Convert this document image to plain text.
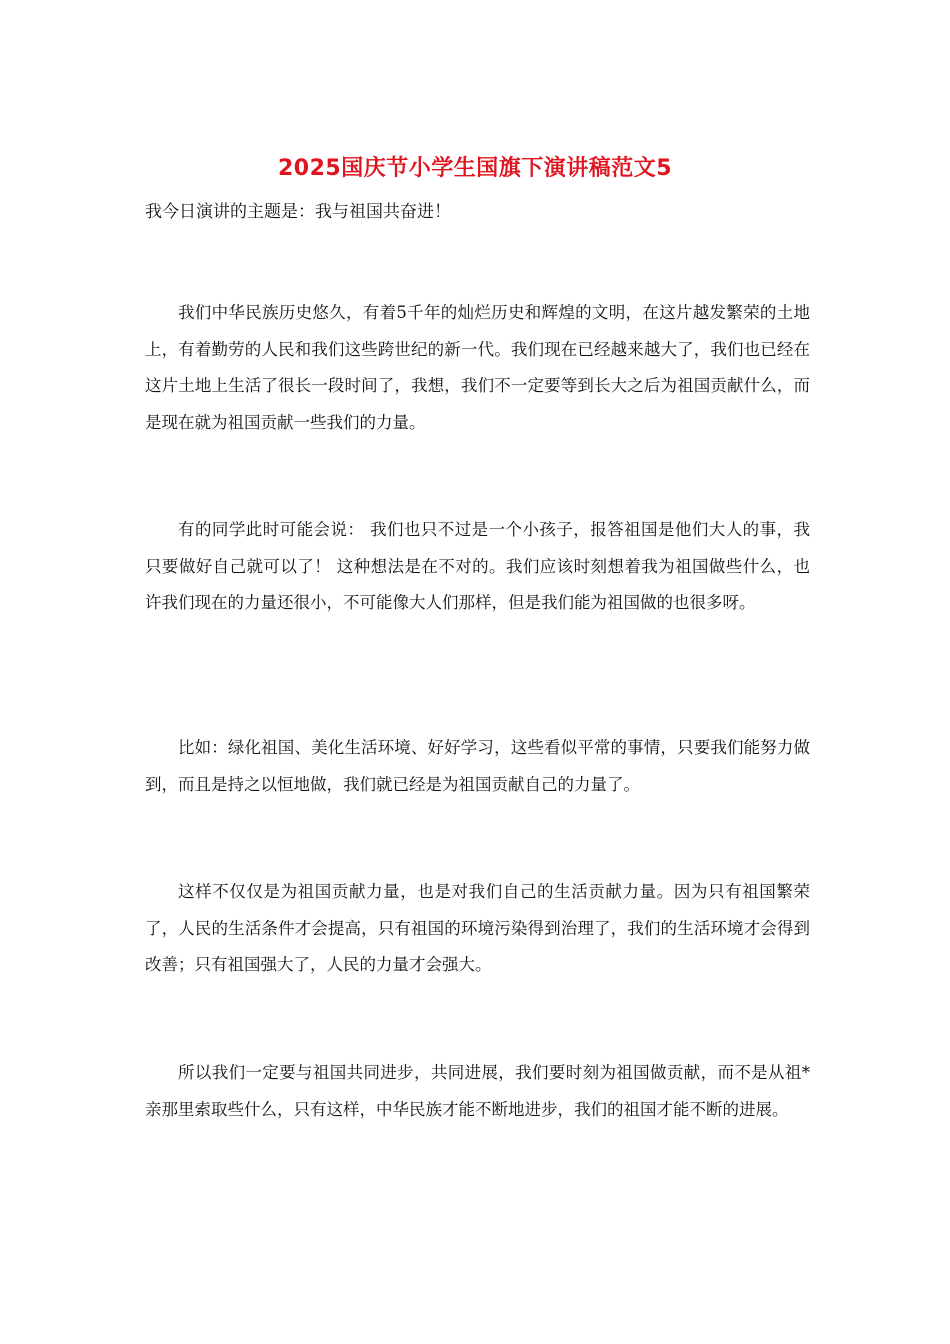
2025国庆节小学生国旗下演讲稿范文5

我今日演讲的主题是：我与祖国共奋进！

我们中华民族历史悠久，有着5千年的灿烂历史和辉煌的文明，在这片越发繁荣的土地上，有着勤劳的人民和我们这些跨世纪的新一代。我们现在已经越来越大了，我们也已经在这片土地上生活了很长一段时间了，我想，我们不一定要等到长大之后为祖国贡献什么，而是现在就为祖国贡献一些我们的力量。

有的同学此时可能会说： 我们也只不过是一个小孩子，报答祖国是他们大人的事，我只要做好自己就可以了！ 这种想法是在不对的。我们应该时刻想着我为祖国做些什么，也许我们现在的力量还很小，不可能像大人们那样，但是我们能为祖国做的也很多呀。

比如：绿化祖国、美化生活环境、好好学习，这些看似平常的事情，只要我们能努力做到，而且是持之以恒地做，我们就已经是为祖国贡献自己的力量了。

这样不仅仅是为祖国贡献力量，也是对我们自己的生活贡献力量。因为只有祖国繁荣了，人民的生活条件才会提高，只有祖国的环境污染得到治理了，我们的生活环境才会得到改善；只有祖国强大了，人民的力量才会强大。

所以我们一定要与祖国共同进步，共同进展，我们要时刻为祖国做贡献，而不是从祖*亲那里索取些什么，只有这样，中华民族才能不断地进步，我们的祖国才能不断的进展。
